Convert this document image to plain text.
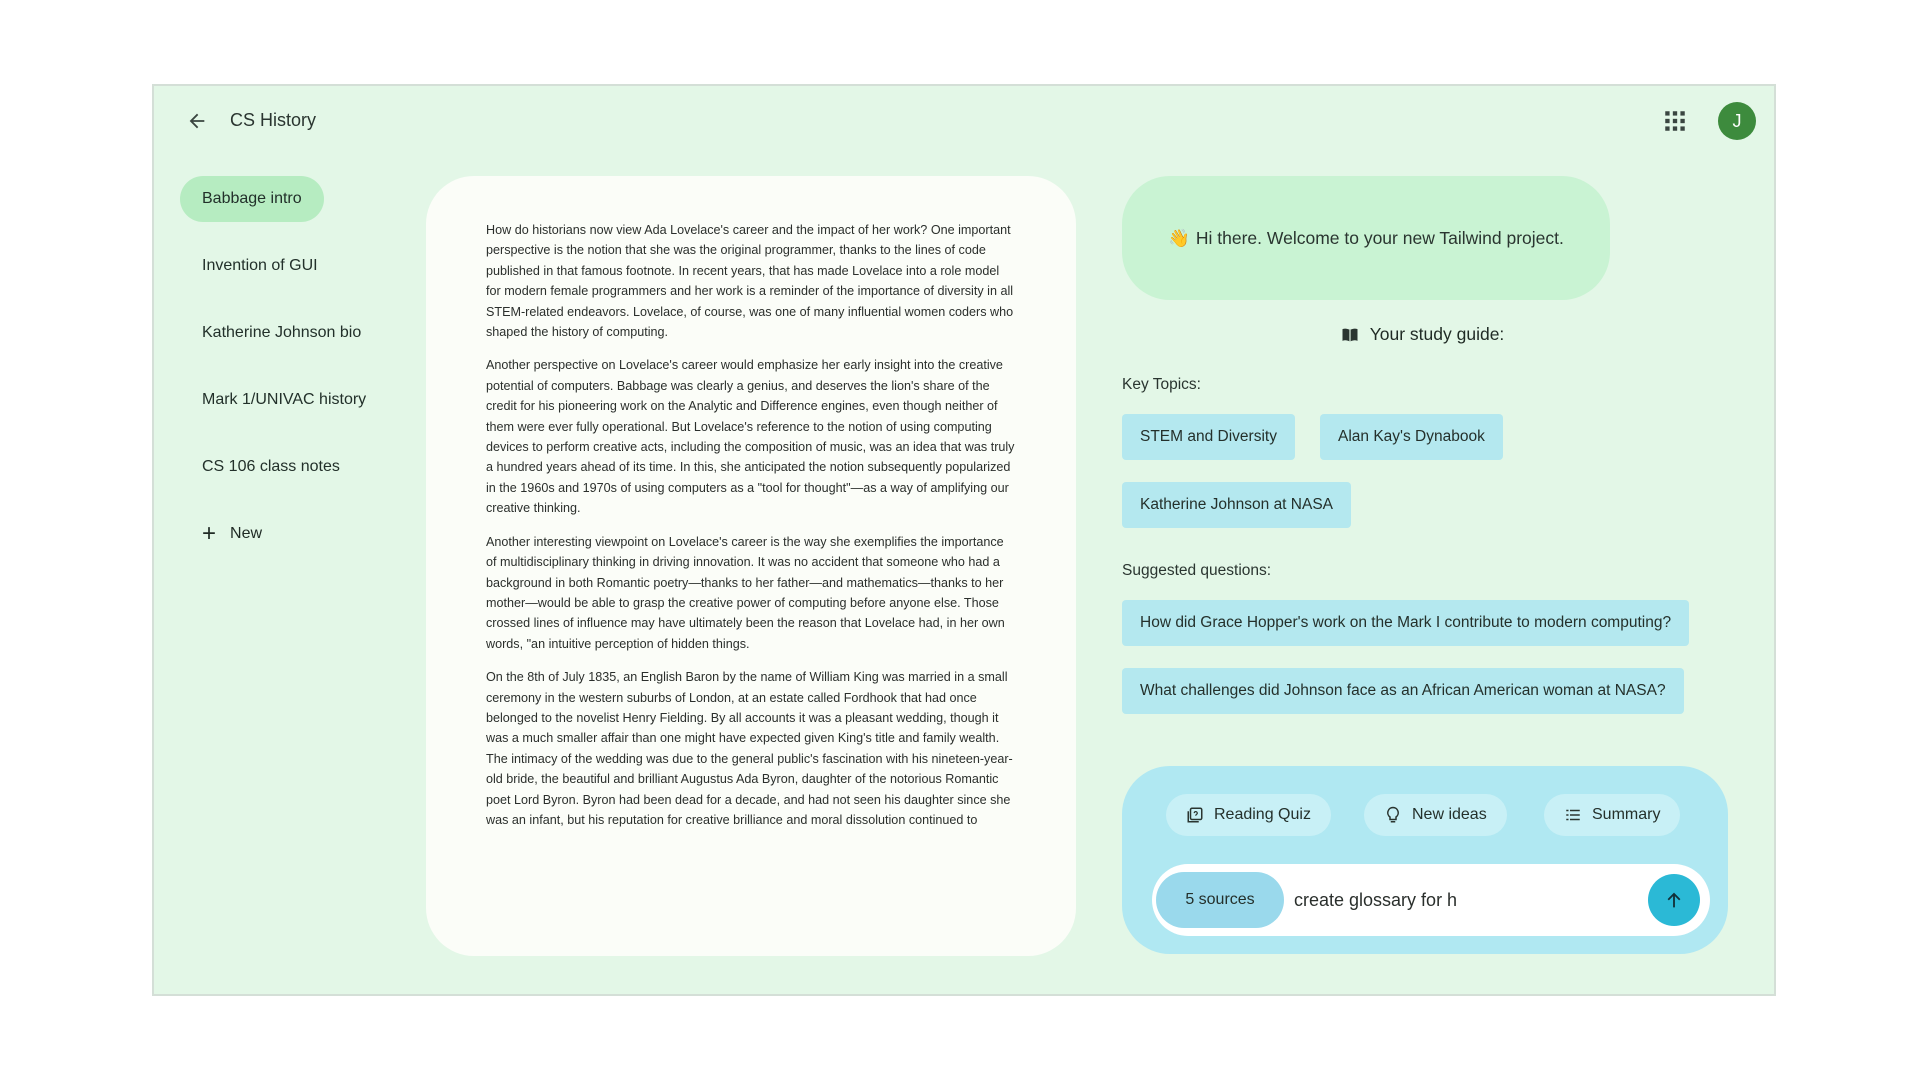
CS History	J
Babbage intro
Invention of GUI
Katherine Johnson bio
Mark 1/UNIVAC history
CS 106 class notes
+ New

How do historians now view Ada Lovelace's career and the impact of her work? One important perspective is the notion that she was the original programmer, thanks to the lines of code published in that famous footnote. In recent years, that has made Lovelace into a role model for modern female programmers and her work is a reminder of the importance of diversity in all STEM-related endeavors. Lovelace, of course, was one of many influential women coders who shaped the history of computing.

Another perspective on Lovelace's career would emphasize her early insight into the creative potential of computers. Babbage was clearly a genius, and deserves the lion's share of the credit for his pioneering work on the Analytic and Difference engines, even though neither of them were ever fully operational. But Lovelace's reference to the notion of using computing devices to perform creative acts, including the composition of music, was an idea that was truly a hundred years ahead of its time. In this, she anticipated the notion subsequently popularized in the 1960s and 1970s of using computers as a "tool for thought"—as a way of amplifying our creative thinking.

Another interesting viewpoint on Lovelace's career is the way she exemplifies the importance of multidisciplinary thinking in driving innovation. It was no accident that someone who had a background in both Romantic poetry—thanks to her father—and mathematics—thanks to her mother—would be able to grasp the creative power of computing before anyone else. Those crossed lines of influence may have ultimately been the reason that Lovelace had, in her own words, "an intuitive perception of hidden things.

On the 8th of July 1835, an English Baron by the name of William King was married in a small ceremony in the western suburbs of London, at an estate called Fordhook that had once belonged to the novelist Henry Fielding. By all accounts it was a pleasant wedding, though it was a much smaller affair than one might have expected given King's title and family wealth. The intimacy of the wedding was due to the general public's fascination with his nineteen-year-old bride, the beautiful and brilliant Augustus Ada Byron, daughter of the notorious Romantic poet Lord Byron. Byron had been dead for a decade, and had not seen his daughter since she was an infant, but his reputation for creative brilliance and moral dissolution continued to

👋 Hi there. Welcome to your new Tailwind project.
Your study guide:
Key Topics:
STEM and Diversity	Alan Kay's Dynabook
Katherine Johnson at NASA
Suggested questions:
How did Grace Hopper's work on the Mark I contribute to modern computing?
What challenges did Johnson face as an African American woman at NASA?
Reading Quiz	New ideas	Summary
5 sources
create glossary for h
